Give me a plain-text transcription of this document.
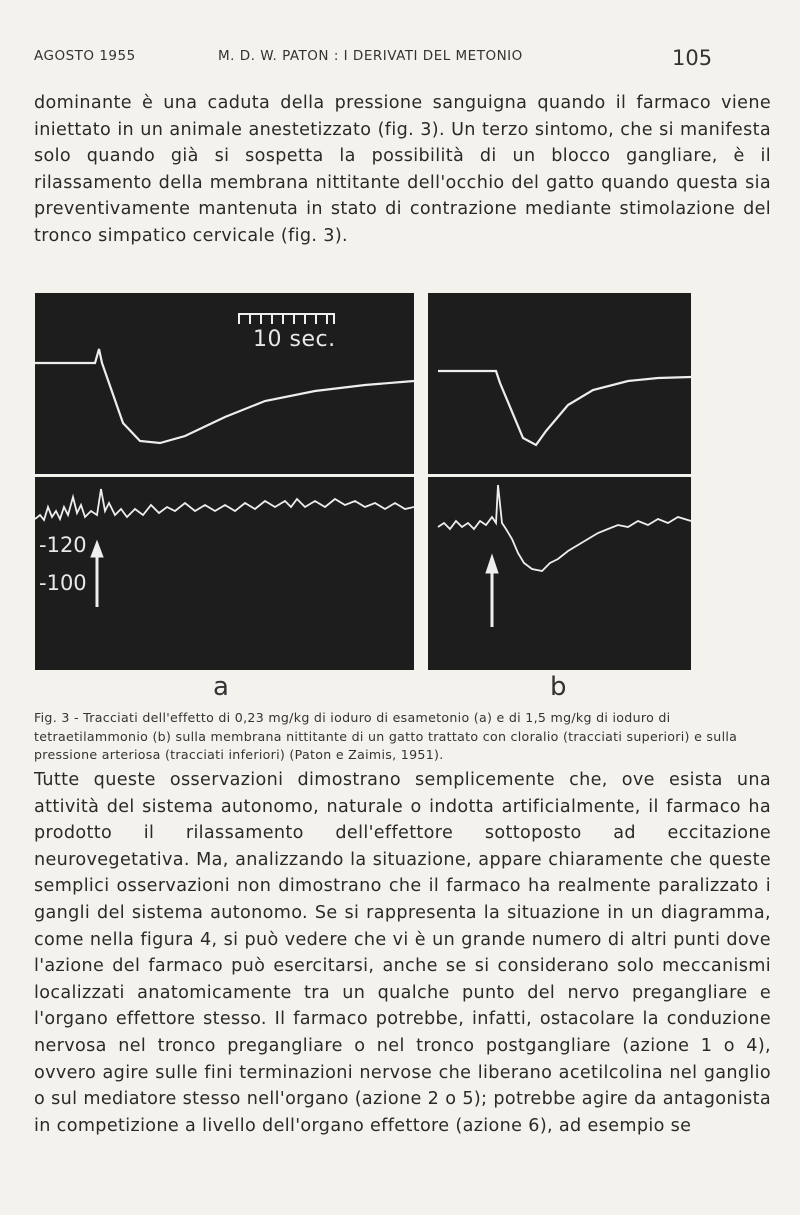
AGOSTO 1955	M. D. W. PATON : I DERIVATI DEL METONIO	105

dominante è una caduta della pressione sanguigna quando il farmaco viene iniettato in un animale anestetizzato (fig. 3). Un terzo sintomo, che si manifesta solo quando già si sospetta la possibilità di un blocco gangliare, è il rilassamento della membrana nittitante dell'occhio del gatto quando questa sia preventivamente mantenuta in stato di contrazione mediante stimolazione del tronco simpatico cervicale (fig. 3).

10 sec.
-120
-100
a	b

Fig. 3 - Tracciati dell'effetto di 0,23 mg/kg di ioduro di esametonio (a) e di 1,5 mg/kg di ioduro di tetraetilammonio (b) sulla membrana nittitante di un gatto trattato con cloralio (tracciati superiori) e sulla pressione arteriosa (tracciati inferiori) (Paton e Zaimis, 1951).

Tutte queste osservazioni dimostrano semplicemente che, ove esista una attività del sistema autonomo, naturale o indotta artificialmente, il farmaco ha prodotto il rilassamento dell'effettore sottoposto ad eccitazione neurovegetativa. Ma, analizzando la situazione, appare chiaramente che queste semplici osservazioni non dimostrano che il farmaco ha realmente paralizzato i gangli del sistema autonomo. Se si rappresenta la situazione in un diagramma, come nella figura 4, si può vedere che vi è un grande numero di altri punti dove l'azione del farmaco può esercitarsi, anche se si considerano solo meccanismi localizzati anatomicamente tra un qualche punto del nervo pregangliare e l'organo effettore stesso. Il farmaco potrebbe, infatti, ostacolare la conduzione nervosa nel tronco pregangliare o nel tronco postgangliare (azione 1 o 4), ovvero agire sulle fini terminazioni nervose che liberano acetilcolina nel ganglio o sul mediatore stesso nell'organo (azione 2 o 5); potrebbe agire da antagonista in competizione a livello dell'organo effettore (azione 6), ad esempio se
